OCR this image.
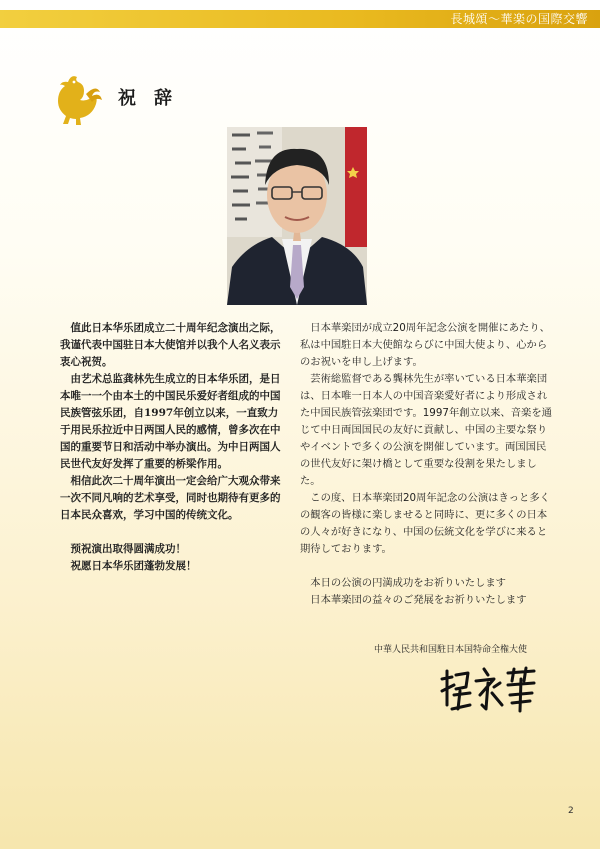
長城頌～華楽の国際交響
祝辞

值此日本华乐团成立二十周年纪念演出之际，我谨代表中国驻日本大使馆并以我个人名义表示衷心祝贺。

由艺术总监龚林先生成立的日本华乐团，是日本唯一一个由本土的中国民乐爱好者组成的中国民族管弦乐团，自1997年创立以来，一直致力于用民乐拉近中日两国人民的感情，曾多次在中国的重要节日和活动中举办演出。为中日两国人民世代友好发挥了重要的桥梁作用。

相信此次二十周年演出一定会给广大观众带来一次不同凡响的艺术享受，同时也期待有更多的日本民众喜欢，学习中国的传统文化。

预祝演出取得圆满成功！

祝愿日本华乐团蓬勃发展！

日本華楽団が成立20周年記念公演を開催にあたり、私は中国駐日本大使館ならびに中国大使より、心からのお祝いを申し上げます。

芸術総監督である龔林先生が率いている日本華楽団は、日本唯一日本人の中国音楽愛好者により形成された中国民族管弦楽団です。1997年創立以来、音楽を通じて中日両国国民の友好に貢献し、中国の主要な祭りやイベントで多くの公演を開催しています。両国国民の世代友好に架け橋として重要な役割を果たしました。

この度、日本華楽団20周年記念の公演はきっと多くの観客の皆様に楽しませると同時に、更に多くの日本の人々が好きになり、中国の伝統文化を学びに来ると期待しております。

本日の公演の円満成功をお祈りいたします

日本華楽団の益々のご発展をお祈りいたします

中華人民共和国駐日本国特命全権大使
2
